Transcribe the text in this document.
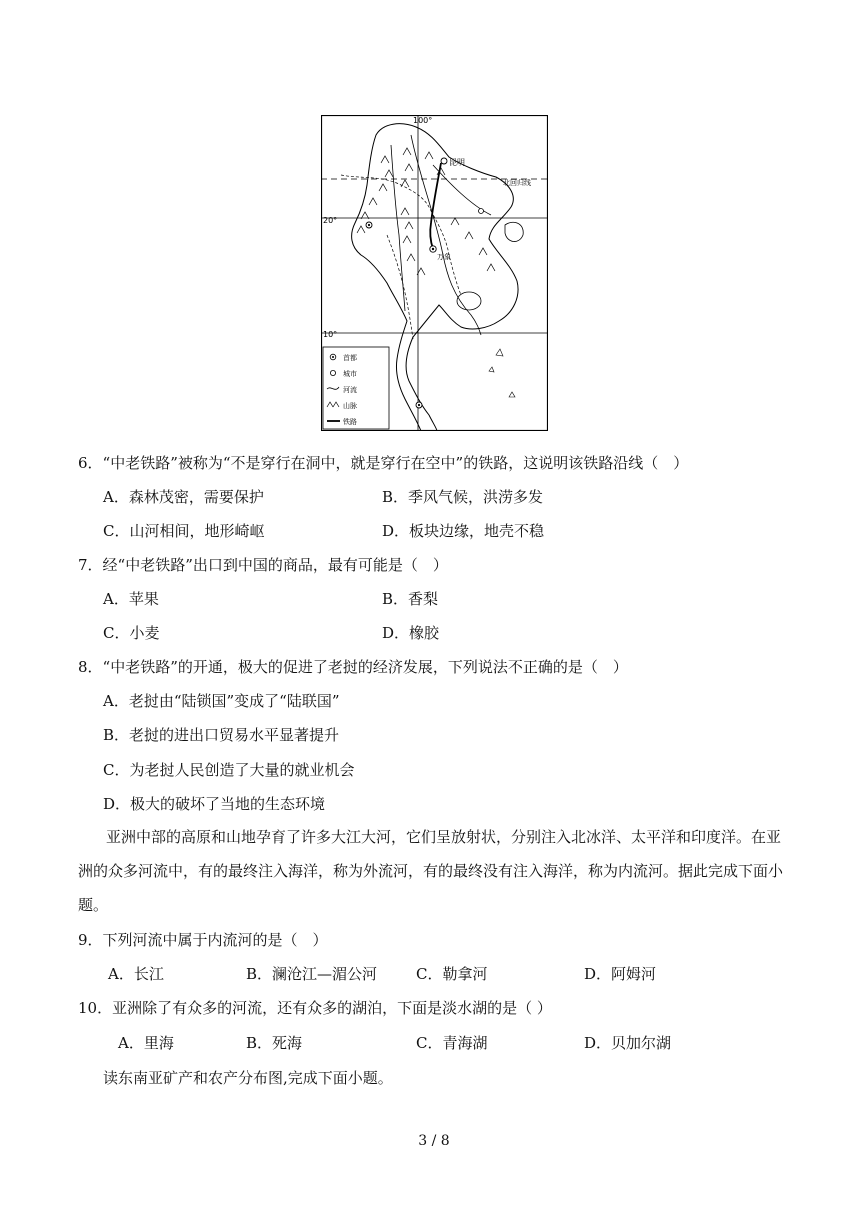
100°
20°
10°
昆明
北回归线
万象
首都
城市
河流
山脉
铁路
6．“中老铁路”被称为“不是穿行在洞中，就是穿行在空中”的铁路，这说明该铁路沿线（　）
A．森林茂密，需要保护	B．季风气候，洪涝多发
C．山河相间，地形崎岖	D．板块边缘，地壳不稳
7．经“中老铁路”出口到中国的商品，最有可能是（　）
A．苹果	B．香梨
C．小麦	D．橡胶
8．“中老铁路”的开通，极大的促进了老挝的经济发展，下列说法不正确的是（　）
A．老挝由“陆锁国”变成了“陆联国”
B．老挝的进出口贸易水平显著提升
C．为老挝人民创造了大量的就业机会
D．极大的破坏了当地的生态环境
亚洲中部的高原和山地孕育了许多大江大河，它们呈放射状，分别注入北冰洋、太平洋和印度洋。在亚洲的众多河流中，有的最终注入海洋，称为外流河，有的最终没有注入海洋，称为内流河。据此完成下面小题。
9．下列河流中属于内流河的是（　）
A．长江	B．澜沧江—湄公河	C．勒拿河	D．阿姆河
10．亚洲除了有众多的河流，还有众多的湖泊，下面是淡水湖的是（ ）
A．里海	B．死海	C．青海湖	D．贝加尔湖
读东南亚矿产和农产分布图,完成下面小题。
3 / 8
